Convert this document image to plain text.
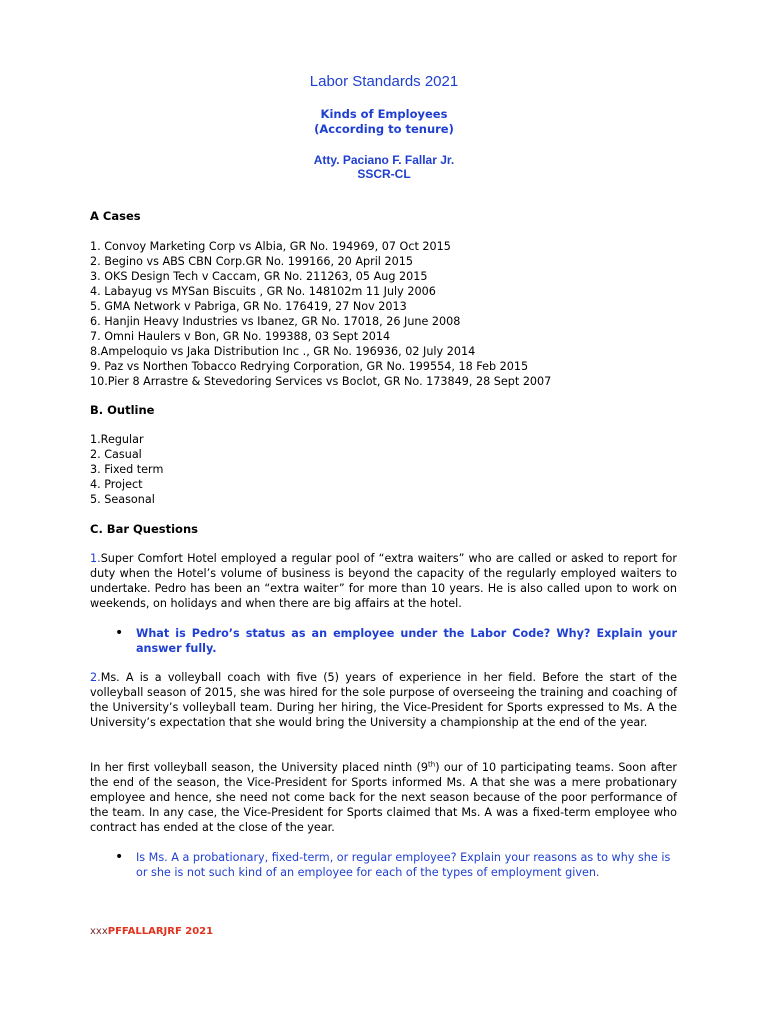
Labor Standards 2021
Kinds of Employees
(According to tenure)
Atty. Paciano F. Fallar Jr.
SSCR-CL
A Cases
1. Convoy Marketing Corp vs Albia, GR No. 194969, 07 Oct 2015
2. Begino vs ABS CBN Corp.GR No. 199166, 20 April 2015
3. OKS Design Tech v Caccam, GR No. 211263, 05 Aug 2015
4. Labayug vs MYSan Biscuits , GR No. 148102m 11 July 2006
5. GMA Network v Pabriga, GR No. 176419, 27 Nov 2013
6. Hanjin Heavy Industries vs Ibanez, GR No. 17018, 26 June 2008
7. Omni Haulers v Bon, GR No. 199388, 03 Sept 2014
8.Ampeloquio vs Jaka Distribution Inc ., GR No. 196936, 02 July 2014
9. Paz vs Northen Tobacco Redrying Corporation, GR No. 199554, 18 Feb 2015
10.Pier 8 Arrastre & Stevedoring Services vs Boclot, GR No. 173849, 28 Sept 2007
B. Outline
1.Regular
2. Casual
3. Fixed term
4. Project
5. Seasonal
C. Bar Questions

1.Super Comfort Hotel employed a regular pool of “extra waiters” who are called or asked to report for duty when the Hotel’s volume of business is beyond the capacity of the regularly employed waiters to undertake. Pedro has been an “extra waiter” for more than 10 years. He is also called upon to work on weekends, on holidays and when there are big affairs at the hotel.

• What is Pedro’s status as an employee under the Labor Code? Why? Explain your answer fully.

2.Ms. A is a volleyball coach with five (5) years of experience in her field. Before the start of the volleyball season of 2015, she was hired for the sole purpose of overseeing the training and coaching of the University’s volleyball team. During her hiring, the Vice-President for Sports expressed to Ms. A the University’s expectation that she would bring the University a championship at the end of the year.

In her first volleyball season, the University placed ninth (9th) our of 10 participating teams. Soon after the end of the season, the Vice-President for Sports informed Ms. A that she was a mere probationary employee and hence, she need not come back for the next season because of the poor performance of the team. In any case, the Vice-President for Sports claimed that Ms. A was a fixed-term employee who contract has ended at the close of the year.

• Is Ms. A a probationary, fixed-term, or regular employee? Explain your reasons as to why she is or she is not such kind of an employee for each of the types of employment given.

xxxPFFALLARJRF 2021
